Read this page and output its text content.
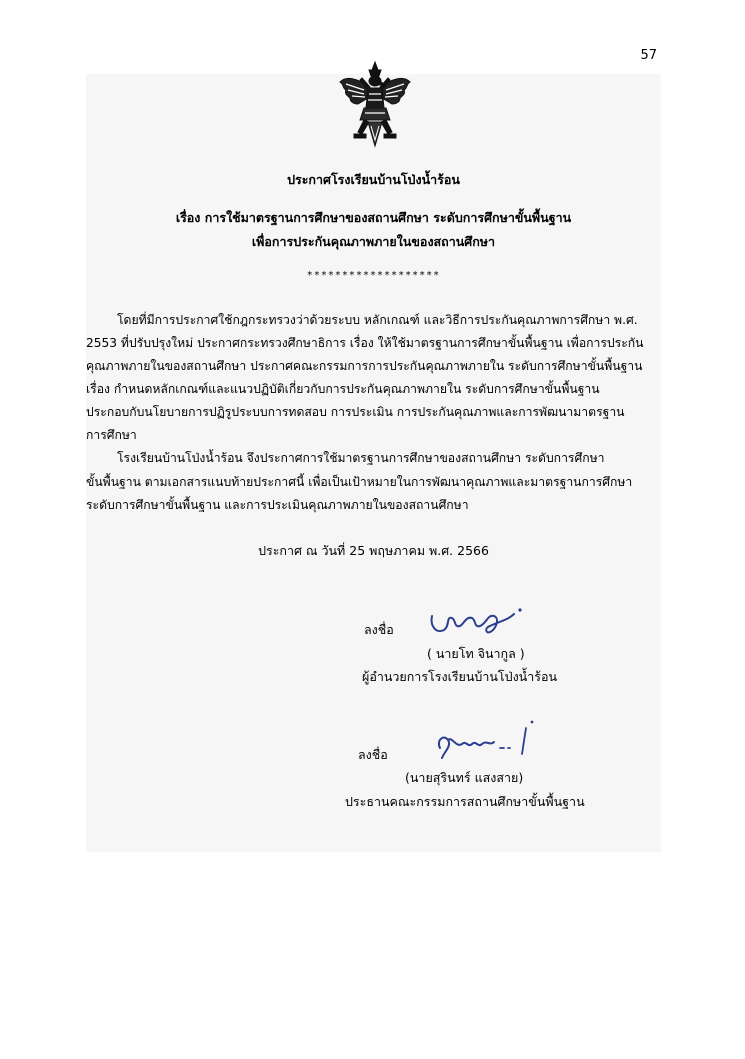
57
ประกาศโรงเรียนบ้านโป่งน้ำร้อน
เรื่อง การใช้มาตรฐานการศึกษาของสถานศึกษา ระดับการศึกษาขั้นพื้นฐาน
เพื่อการประกันคุณภาพภายในของสถานศึกษา
*******************
โดยที่มีการประกาศใช้กฎกระทรวงว่าด้วยระบบ หลักเกณฑ์ และวิธีการประกันคุณภาพการศึกษา พ.ศ.
2553 ที่ปรับปรุงใหม่ ประกาศกระทรวงศึกษาธิการ เรื่อง ให้ใช้มาตรฐานการศึกษาขั้นพื้นฐาน เพื่อการประกัน
คุณภาพภายในของสถานศึกษา ประกาศคณะกรรมการการประกันคุณภาพภายใน ระดับการศึกษาขั้นพื้นฐาน
เรื่อง กำหนดหลักเกณฑ์และแนวปฏิบัติเกี่ยวกับการประกันคุณภาพภายใน ระดับการศึกษาขั้นพื้นฐาน
ประกอบกับนโยบายการปฏิรูประบบการทดสอบ การประเมิน การประกันคุณภาพและการพัฒนามาตรฐาน
การศึกษา
โรงเรียนบ้านโป่งน้ำร้อน จึงประกาศการใช้มาตรฐานการศึกษาของสถานศึกษา ระดับการศึกษา
ขั้นพื้นฐาน ตามเอกสารแนบท้ายประกาศนี้ เพื่อเป็นเป้าหมายในการพัฒนาคุณภาพและมาตรฐานการศึกษา
ระดับการศึกษาขั้นพื้นฐาน และการประเมินคุณภาพภายในของสถานศึกษา
ประกาศ ณ วันที่ 25 พฤษภาคม พ.ศ. 2566
ลงชื่อ
( นายโท จินากูล )
ผู้อำนวยการโรงเรียนบ้านโป่งน้ำร้อน
ลงชื่อ
(นายสุรินทร์ แสงสาย)
ประธานคณะกรรมการสถานศึกษาขั้นพื้นฐาน
